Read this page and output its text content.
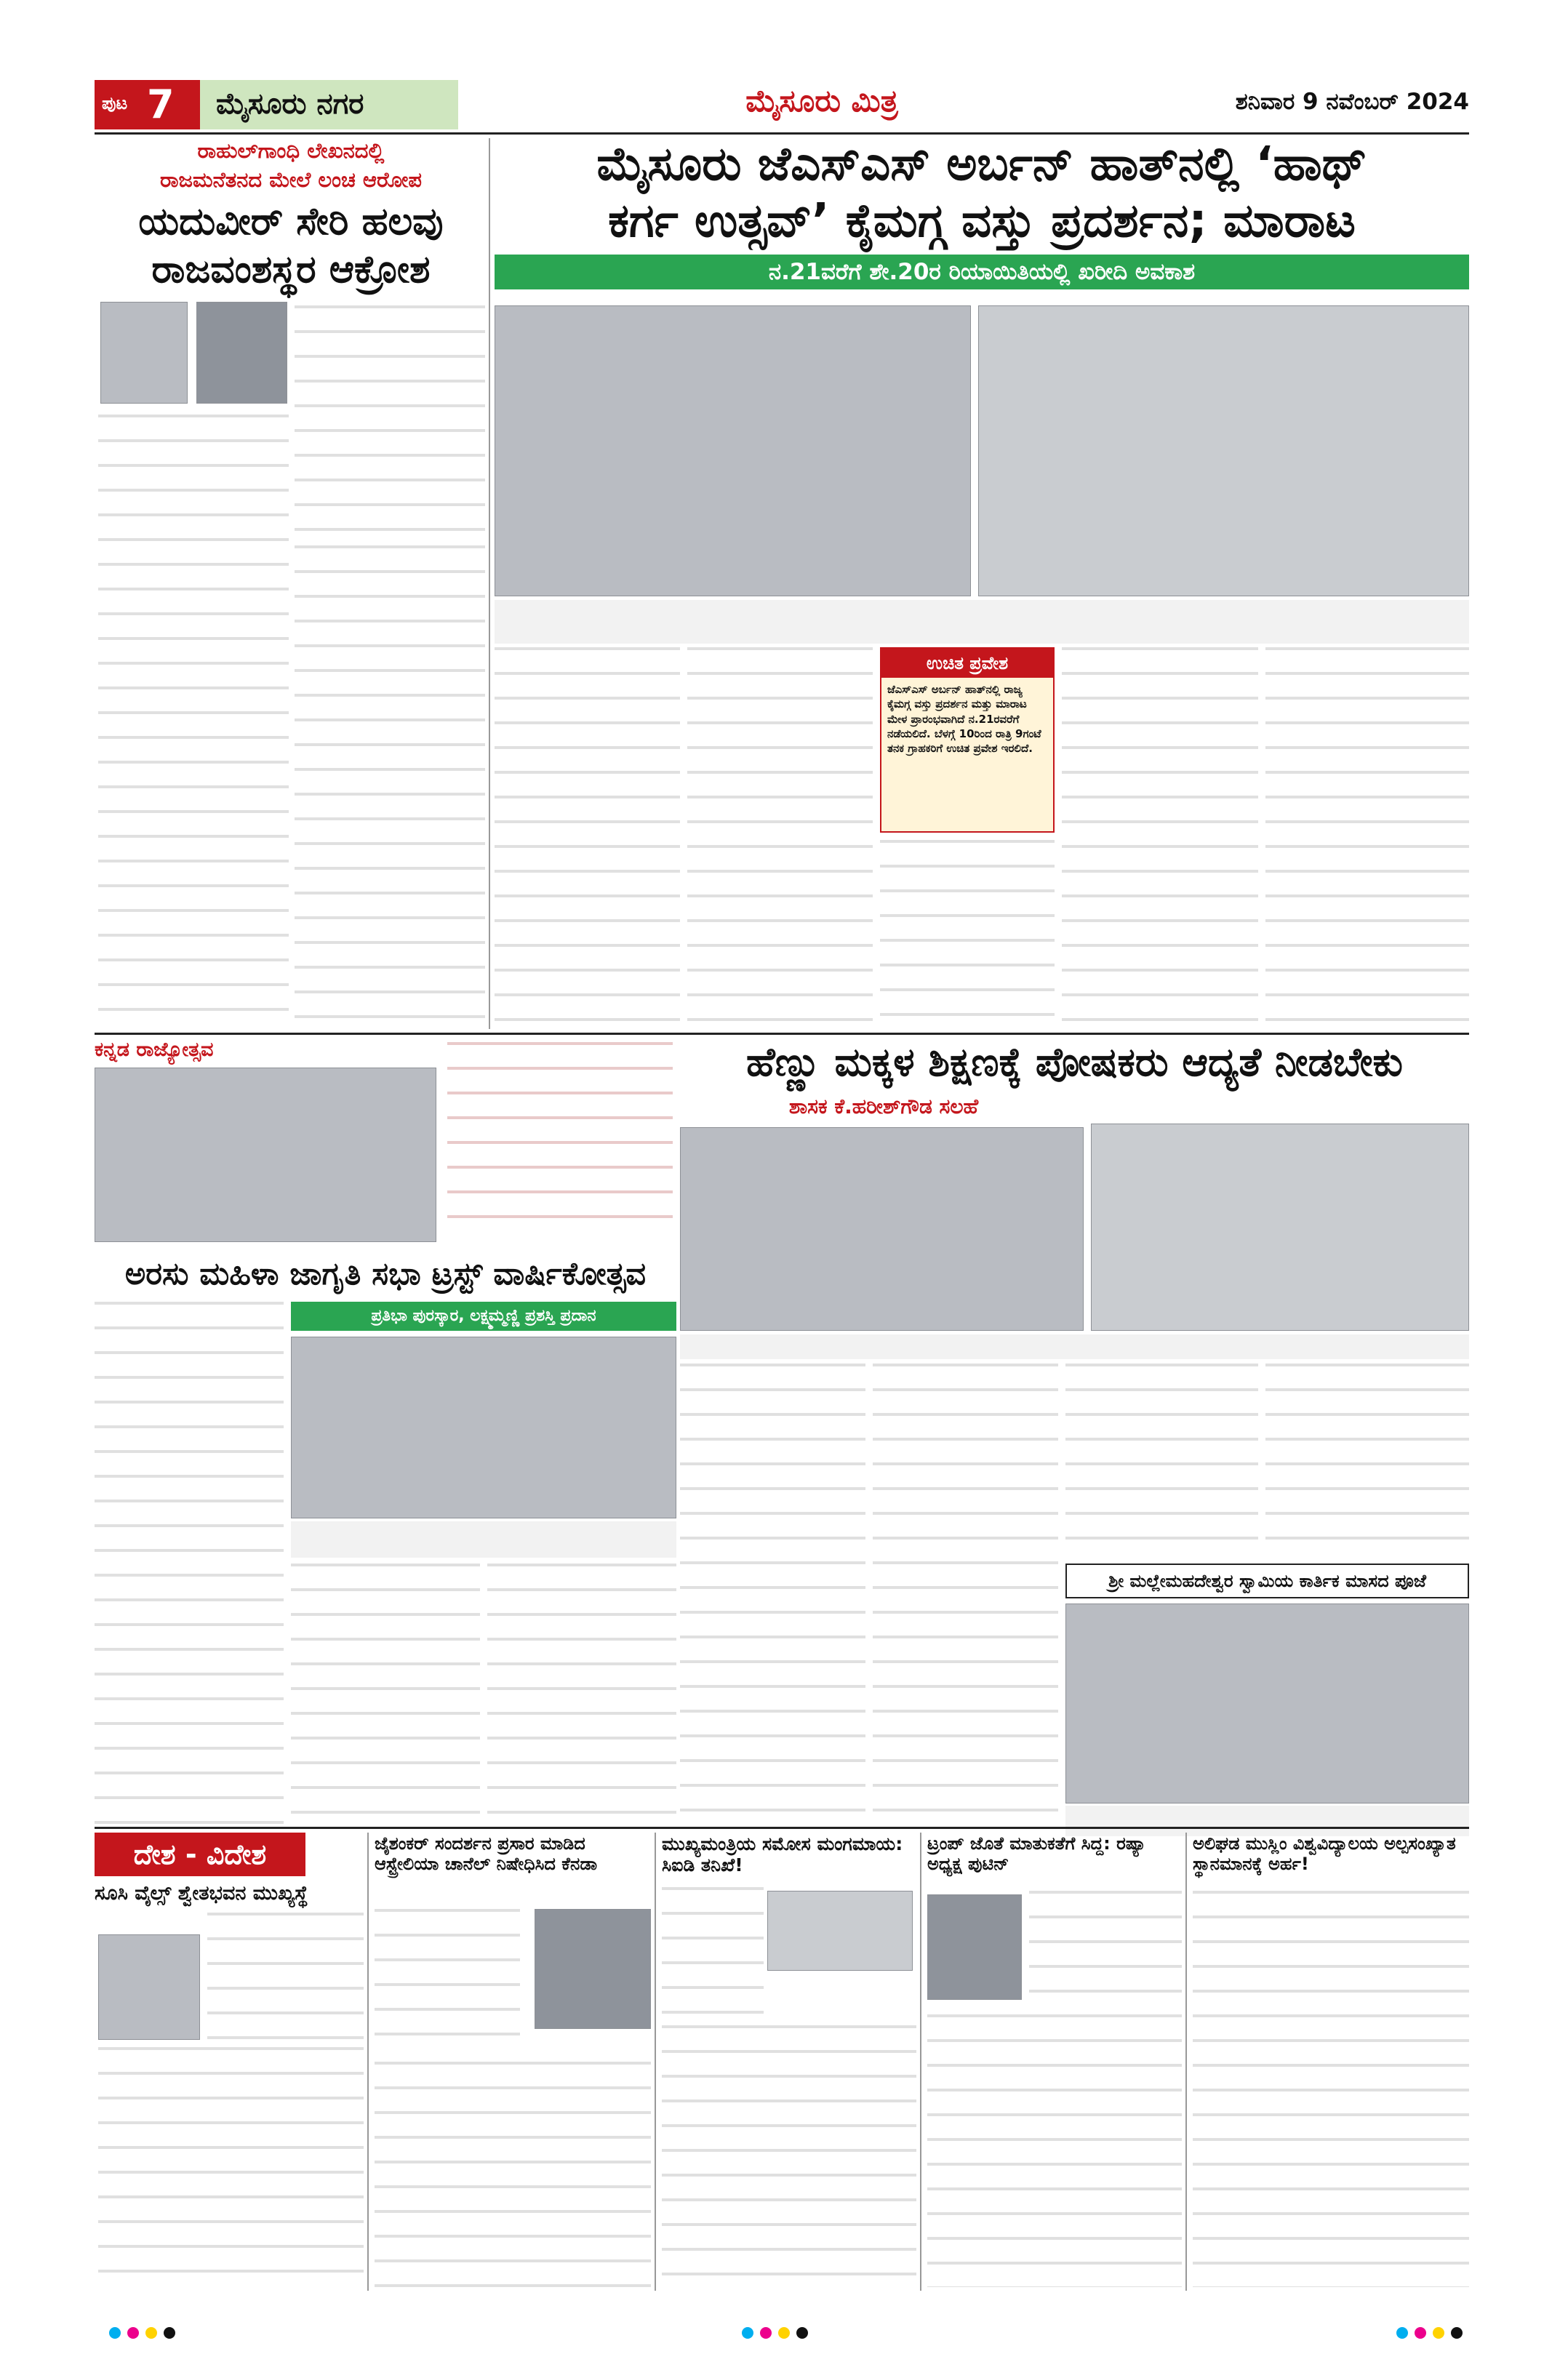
ಪುಟ 7 ಮೈಸೂರು ನಗರ	ಮೈಸೂರು ಮಿತ್ರ	ಶನಿವಾರ 9 ನವೆಂಬರ್ 2024
ರಾಹುಲ್‌ಗಾಂಧಿ ಲೇಖನದಲ್ಲಿ
ರಾಜಮನೆತನದ ಮೇಲೆ ಲಂಚ ಆರೋಪ
ಯದುವೀರ್ ಸೇರಿ ಹಲವು
ರಾಜವಂಶಸ್ಥರ ಆಕ್ರೋಶ
ಮೈಸೂರು ಜೆಎಸ್‌ಎಸ್ ಅರ್ಬನ್ ಹಾತ್‌ನಲ್ಲಿ ‘ಹಾಥ್
ಕರ್ಗ ಉತ್ಸವ್’ ಕೈಮಗ್ಗ ವಸ್ತು ಪ್ರದರ್ಶನ; ಮಾರಾಟ
ನ.21ವರೆಗೆ ಶೇ.20ರ ರಿಯಾಯಿತಿಯಲ್ಲಿ ಖರೀದಿ ಅವಕಾಶ
ಉಚಿತ ಪ್ರವೇಶ
ಜೆಎಸ್‌ಎಸ್ ಅರ್ಬನ್ ಹಾತ್‌ನಲ್ಲಿ ರಾಜ್ಯ ಕೈಮಗ್ಗ ವಸ್ತು ಪ್ರದರ್ಶನ ಮತ್ತು ಮಾರಾಟ ಮೇಳ ಪ್ರಾರಂಭವಾಗಿದೆ ನ.21ರವರೆಗೆ ನಡೆಯಲಿದೆ. ಬೆಳಗ್ಗೆ 10ರಿಂದ ರಾತ್ರಿ 9ಗಂಟೆ ತನಕ ಗ್ರಾಹಕರಿಗೆ ಉಚಿತ ಪ್ರವೇಶ ಇರಲಿದೆ.
ಕನ್ನಡ ರಾಜ್ಯೋತ್ಸವ	ಹೆಣ್ಣು ಮಕ್ಕಳ ಶಿಕ್ಷಣಕ್ಕೆ ಪೋಷಕರು ಆದ್ಯತೆ ನೀಡಬೇಕು
ಶಾಸಕ ಕೆ.ಹರೀಶ್‌ಗೌಡ ಸಲಹೆ
ಶ್ರೀ ಮಲ್ಲೇಮಹದೇಶ್ವರ ಸ್ವಾಮಿಯ ಕಾರ್ತಿಕ ಮಾಸದ ಪೂಜೆ
ಅರಸು ಮಹಿಳಾ ಜಾಗೃತಿ ಸಭಾ ಟ್ರಸ್ಟ್ ವಾರ್ಷಿಕೋತ್ಸವ
ಪ್ರತಿಭಾ ಪುರಸ್ಕಾರ, ಲಕ್ಷ್ಮಮ್ಮಣ್ಣಿ ಪ್ರಶಸ್ತಿ ಪ್ರದಾನ
ದೇಶ - ವಿದೇಶ
ಸೂಸಿ ವೈಲ್ಸ್ ಶ್ವೇತಭವನ ಮುಖ್ಯಸ್ಥೆ
ಜೈಶಂಕರ್ ಸಂದರ್ಶನ ಪ್ರಸಾರ ಮಾಡಿದ ಆಸ್ಟ್ರೇಲಿಯಾ ಚಾನೆಲ್ ನಿಷೇಧಿಸಿದ ಕೆನಡಾ
ಮುಖ್ಯಮಂತ್ರಿಯ ಸಮೋಸ ಮಂಗಮಾಯ: ಸಿಐಡಿ ತನಿಖೆ!
ಟ್ರಂಪ್ ಜೊತೆ ಮಾತುಕತೆಗೆ ಸಿದ್ದ: ರಷ್ಯಾ ಅಧ್ಯಕ್ಷ ಪುಟಿನ್
ಅಲಿಘಡ ಮುಸ್ಲಿಂ ವಿಶ್ವವಿದ್ಯಾಲಯ ಅಲ್ಪಸಂಖ್ಯಾತ ಸ್ಥಾನಮಾನಕ್ಕೆ ಅರ್ಹ!
